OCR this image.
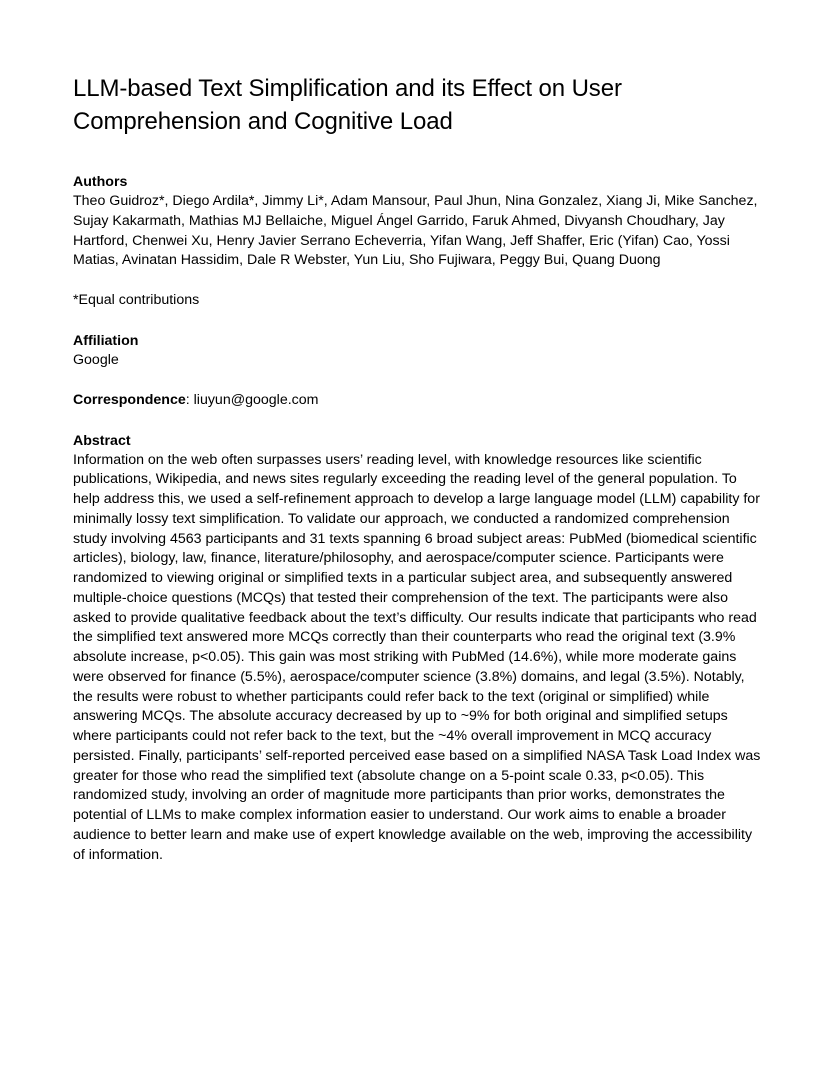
LLM-based Text Simplification and its Effect on User Comprehension and Cognitive Load

Authors

Theo Guidroz*, Diego Ardila*, Jimmy Li*, Adam Mansour, Paul Jhun, Nina Gonzalez, Xiang Ji, Mike Sanchez, Sujay Kakarmath, Mathias MJ Bellaiche, Miguel Ángel Garrido, Faruk Ahmed, Divyansh Choudhary, Jay Hartford, Chenwei Xu, Henry Javier Serrano Echeverria, Yifan Wang, Jeff Shaffer, Eric (Yifan) Cao, Yossi Matias, Avinatan Hassidim, Dale R Webster, Yun Liu, Sho Fujiwara, Peggy Bui, Quang Duong

*Equal contributions

Affiliation

Google

Correspondence: liuyun@google.com

Abstract

Information on the web often surpasses users’ reading level, with knowledge resources like scientific publications, Wikipedia, and news sites regularly exceeding the reading level of the general population. To help address this, we used a self-refinement approach to develop a large language model (LLM) capability for minimally lossy text simplification. To validate our approach, we conducted a randomized comprehension study involving 4563 participants and 31 texts spanning 6 broad subject areas: PubMed (biomedical scientific articles), biology, law, finance, literature/philosophy, and aerospace/computer science. Participants were randomized to viewing original or simplified texts in a particular subject area, and subsequently answered multiple-choice questions (MCQs) that tested their comprehension of the text. The participants were also asked to provide qualitative feedback about the text’s difficulty. Our results indicate that participants who read the simplified text answered more MCQs correctly than their counterparts who read the original text (3.9% absolute increase, p<0.05). This gain was most striking with PubMed (14.6%), while more moderate gains were observed for finance (5.5%), aerospace/computer science (3.8%) domains, and legal (3.5%). Notably, the results were robust to whether participants could refer back to the text (original or simplified) while answering MCQs. The absolute accuracy decreased by up to ~9% for both original and simplified setups where participants could not refer back to the text, but the ~4% overall improvement in MCQ accuracy persisted. Finally, participants’ self-reported perceived ease based on a simplified NASA Task Load Index was greater for those who read the simplified text (absolute change on a 5-point scale 0.33, p<0.05). This randomized study, involving an order of magnitude more participants than prior works, demonstrates the potential of LLMs to make complex information easier to understand. Our work aims to enable a broader audience to better learn and make use of expert knowledge available on the web, improving the accessibility of information.
